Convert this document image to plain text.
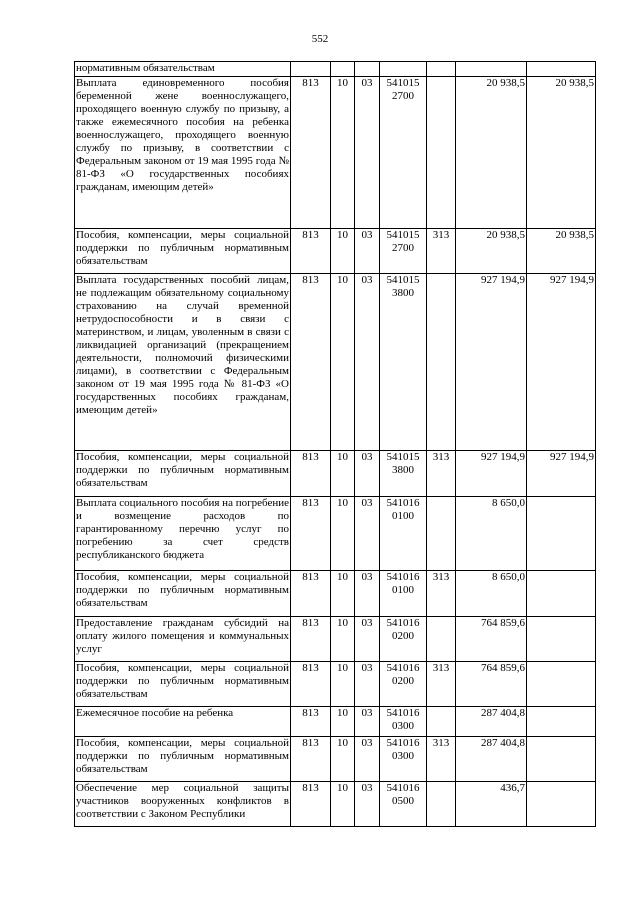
552
нормативным обязательствам							
Выплата единовременного пособия беременной жене военнослужащего, проходящего военную службу по призыву, а также ежемесячного пособия на ребенка военнослужащего, проходящего военную службу по призыву, в соответствии с Федеральным законом от 19 мая 1995 года № 81-ФЗ «О государственных пособиях гражданам, имеющим детей»	813	10	03	541015 2700		20 938,5	20 938,5
Пособия, компенсации, меры социальной поддержки по публичным нормативным обязательствам	813	10	03	541015 2700	313	20 938,5	20 938,5
Выплата государственных пособий лицам, не подлежащим обязательному социальному страхованию на случай временной нетрудоспособности и в связи с материнством, и лицам, уволенным в связи с ликвидацией организаций (прекращением деятельности, полномочий физическими лицами), в соответствии с Федеральным законом от 19 мая 1995 года № 81-ФЗ «О государственных пособиях гражданам, имеющим детей»	813	10	03	541015 3800		927 194,9	927 194,9
Пособия, компенсации, меры социальной поддержки по публичным нормативным обязательствам	813	10	03	541015 3800	313	927 194,9	927 194,9
Выплата социального пособия на погребение и возмещение расходов по гарантированному перечню услуг по погребению за счет средств республиканского бюджета	813	10	03	541016 0100		8 650,0	
Пособия, компенсации, меры социальной поддержки по публичным нормативным обязательствам	813	10	03	541016 0100	313	8 650,0	
Предоставление гражданам субсидий на оплату жилого помещения и коммунальных услуг	813	10	03	541016 0200		764 859,6	
Пособия, компенсации, меры социальной поддержки по публичным нормативным обязательствам	813	10	03	541016 0200	313	764 859,6	
Ежемесячное пособие на ребенка	813	10	03	541016 0300		287 404,8	
Пособия, компенсации, меры социальной поддержки по публичным нормативным обязательствам	813	10	03	541016 0300	313	287 404,8	
Обеспечение мер социальной защиты участников вооруженных конфликтов в соответствии с Законом Республики	813	10	03	541016 0500		436,7	
